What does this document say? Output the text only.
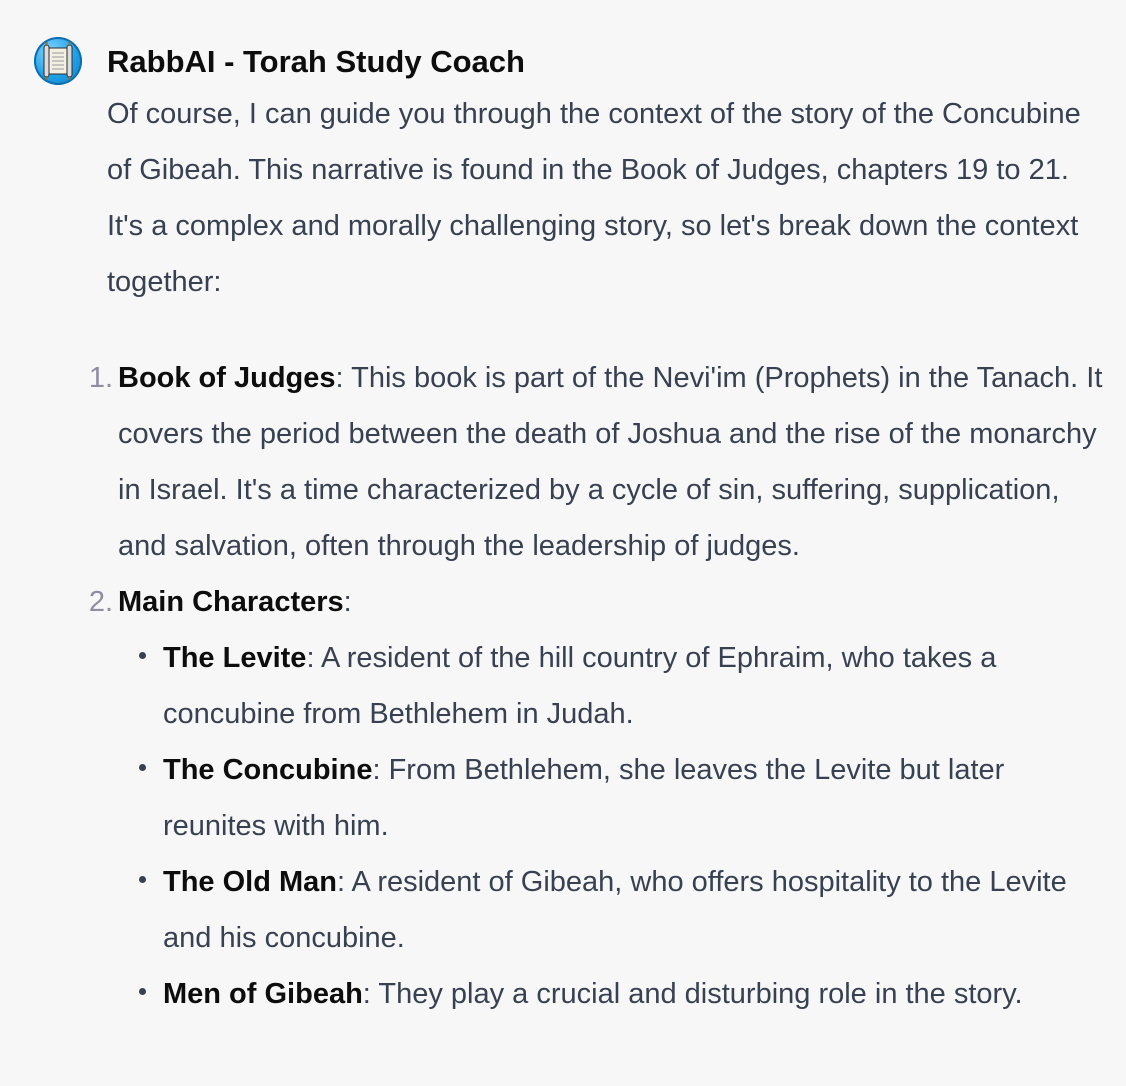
RabbAI - Torah Study Coach

Of course, I can guide you through the context of the story of the Concubine of Gibeah. This narrative is found in the Book of Judges, chapters 19 to 21. It's a complex and morally challenging story, so let's break down the context together:

1. Book of Judges: This book is part of the Nevi'im (Prophets) in the Tanach. It covers the period between the death of Joshua and the rise of the monarchy in Israel. It's a time characterized by a cycle of sin, suffering, supplication, and salvation, often through the leadership of judges.
2. Main Characters:
The Levite: A resident of the hill country of Ephraim, who takes a concubine from Bethlehem in Judah.
The Concubine: From Bethlehem, she leaves the Levite but later reunites with him.
The Old Man: A resident of Gibeah, who offers hospitality to the Levite and his concubine.
Men of Gibeah: They play a crucial and disturbing role in the story.
